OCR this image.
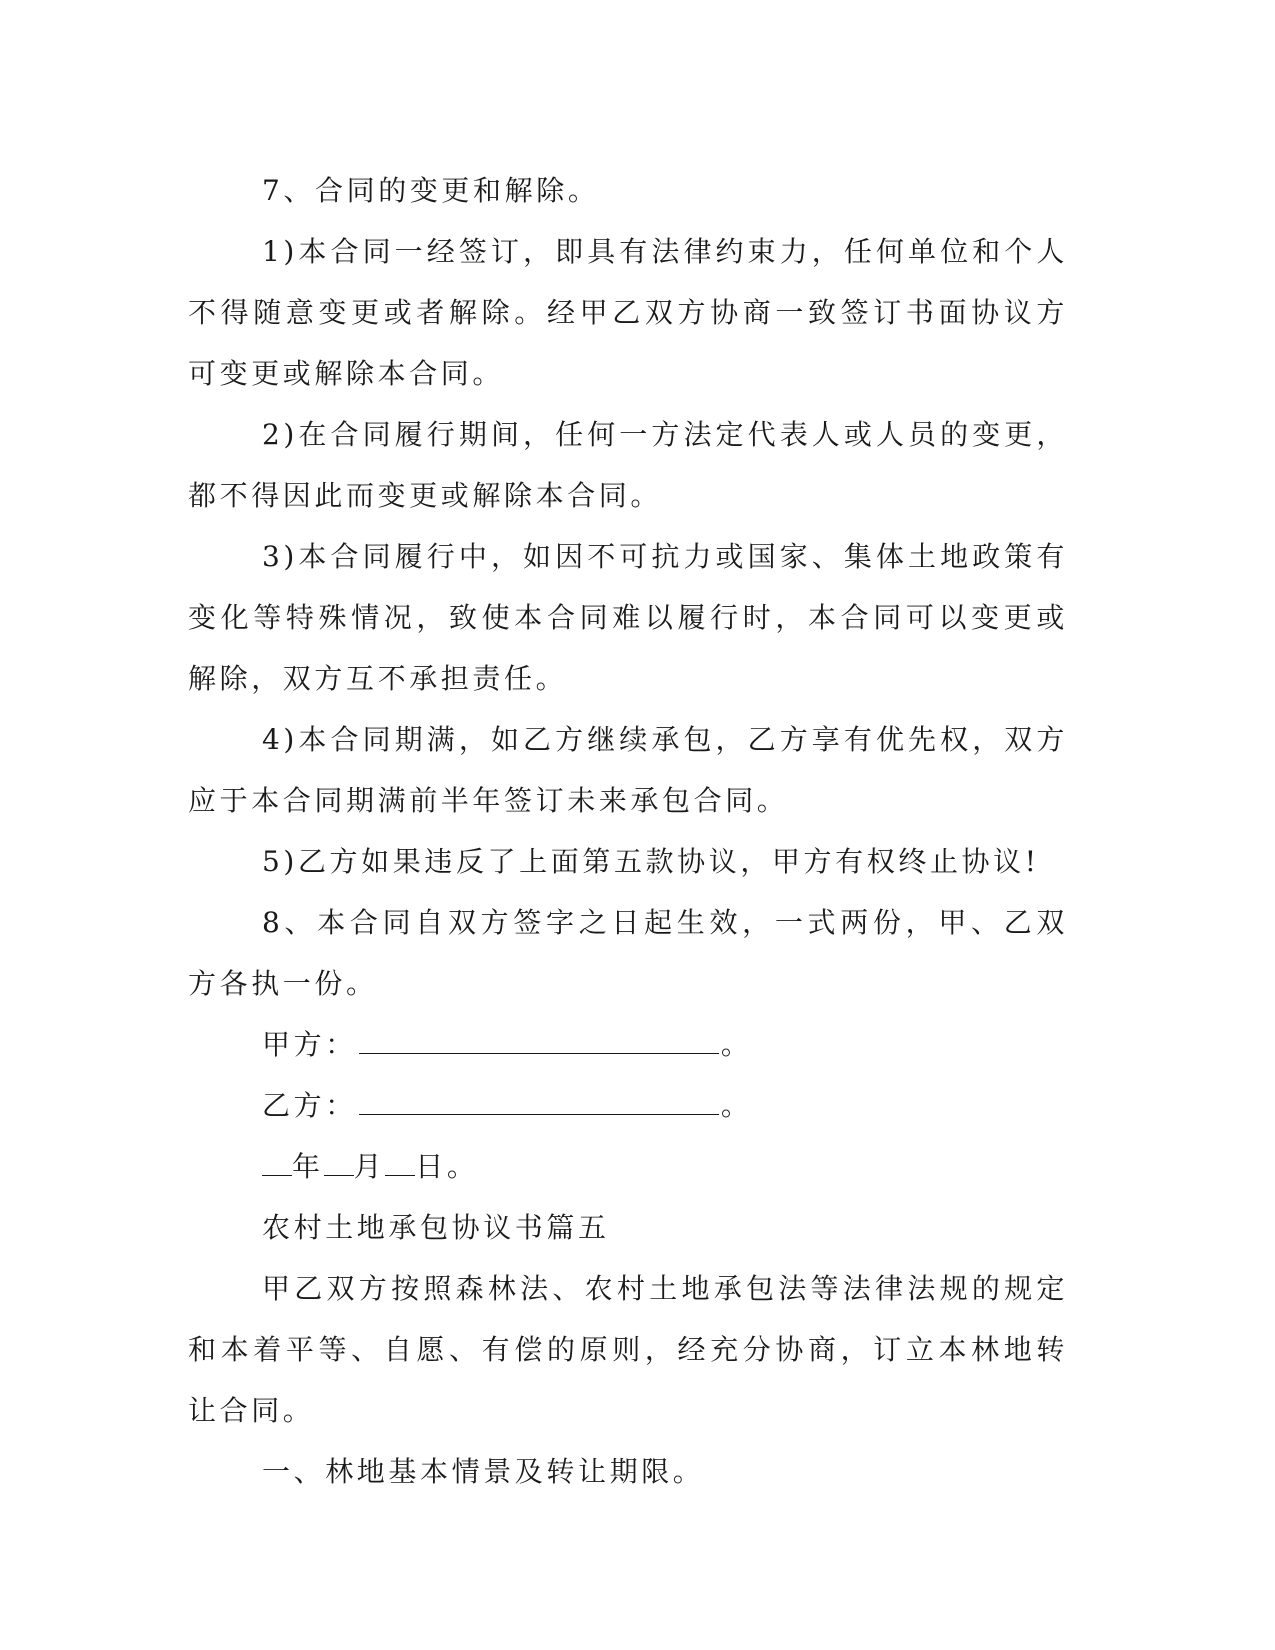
7、合同的变更和解除。

1)本合同一经签订，即具有法律约束力，任何单位和个人不得随意变更或者解除。经甲乙双方协商一致签订书面协议方可变更或解除本合同。

2)在合同履行期间，任何一方法定代表人或人员的变更，都不得因此而变更或解除本合同。

3)本合同履行中，如因不可抗力或国家、集体土地政策有变化等特殊情况，致使本合同难以履行时，本合同可以变更或解除，双方互不承担责任。

4)本合同期满，如乙方继续承包，乙方享有优先权，双方应于本合同期满前半年签订未来承包合同。

5)乙方如果违反了上面第五款协议，甲方有权终止协议!

8、本合同自双方签字之日起生效，一式两份，甲、乙双方各执一份。

甲方：	。

乙方：	。

年 月 日。

农村土地承包协议书篇五

甲乙双方按照森林法、农村土地承包法等法律法规的规定和本着平等、自愿、有偿的原则，经充分协商，订立本林地转让合同。

一、林地基本情景及转让期限。
